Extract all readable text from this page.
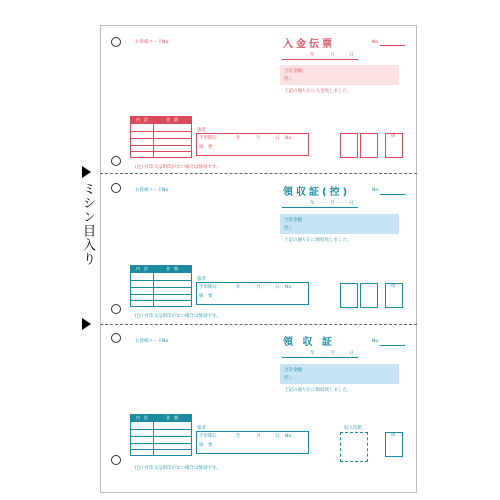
ミシン目入り
お客様コードNo.	入金伝票	No.
年	月	日
合計金額
但し
上記の通り正に入金致しました。
内　訳	金　額
扱者
手形期日	年	月	日 No.
摘　要
係
(注) 社印又は領印がない場合は無効です。
お客様コードNo.	領収証(控)	No.
年	月	日
合計金額
但し
上記の通り正に領収致しました。
内　訳	金　額
扱者
手形期日	年	月	日 No.
摘　要
係
(注) 社印又は領印がない場合は無効です。
お客様コードNo.	領 収 証	No.
年	月	日
合計金額
但し
上記の通り正に領収致しました。
内　訳	金　額
扱者
手形期日	年	月	日 No.
摘　要
収入印紙
係
(注) 社印又は領印がない場合は無効です。
